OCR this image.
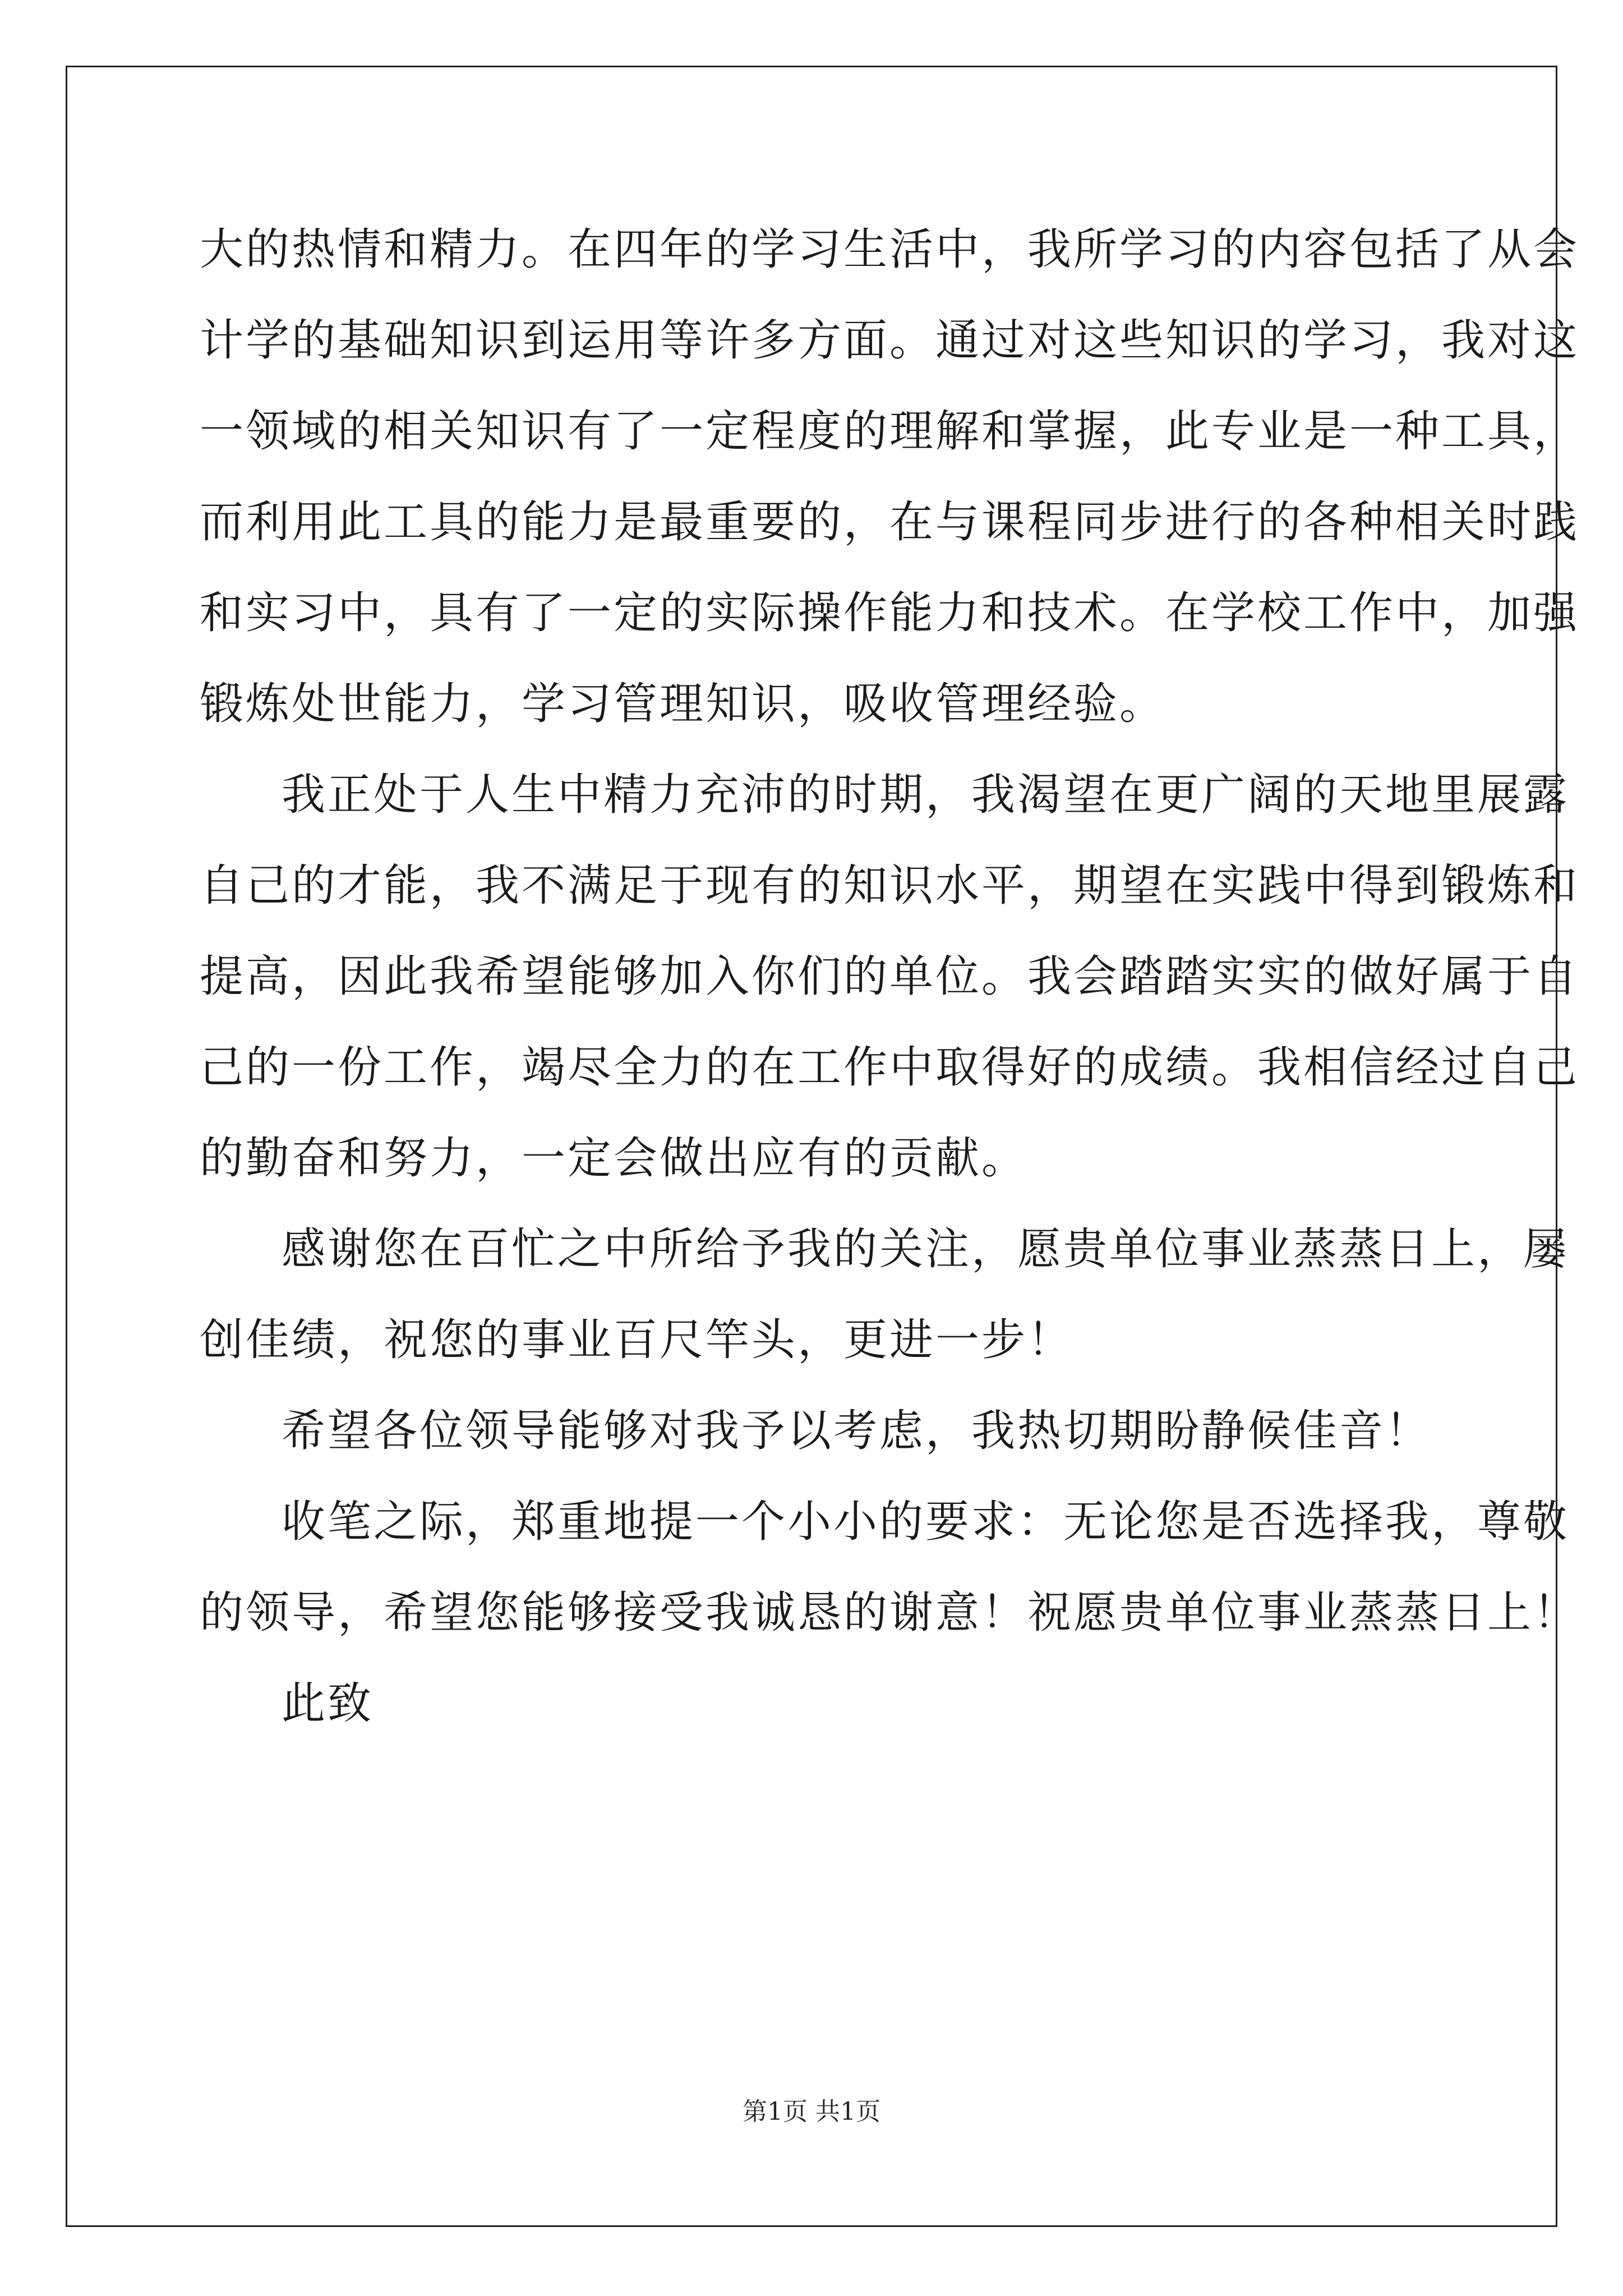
大的热情和精力。在四年的学习生活中，我所学习的内容包括了从会
计学的基础知识到运用等许多方面。通过对这些知识的学习，我对这
一领域的相关知识有了一定程度的理解和掌握，此专业是一种工具，
而利用此工具的能力是最重要的，在与课程同步进行的各种相关时践
和实习中，具有了一定的实际操作能力和技术。在学校工作中，加强
锻炼处世能力，学习管理知识，吸收管理经验。
我正处于人生中精力充沛的时期，我渴望在更广阔的天地里展露
自己的才能，我不满足于现有的知识水平，期望在实践中得到锻炼和
提高，因此我希望能够加入你们的单位。我会踏踏实实的做好属于自
己的一份工作，竭尽全力的在工作中取得好的成绩。我相信经过自己
的勤奋和努力，一定会做出应有的贡献。
感谢您在百忙之中所给予我的关注，愿贵单位事业蒸蒸日上，屡
创佳绩，祝您的事业百尺竿头，更进一步！
希望各位领导能够对我予以考虑，我热切期盼静候佳音！
收笔之际，郑重地提一个小小的要求：无论您是否选择我，尊敬
的领导，希望您能够接受我诚恳的谢意！祝愿贵单位事业蒸蒸日上！
此致
第1页 共1页
